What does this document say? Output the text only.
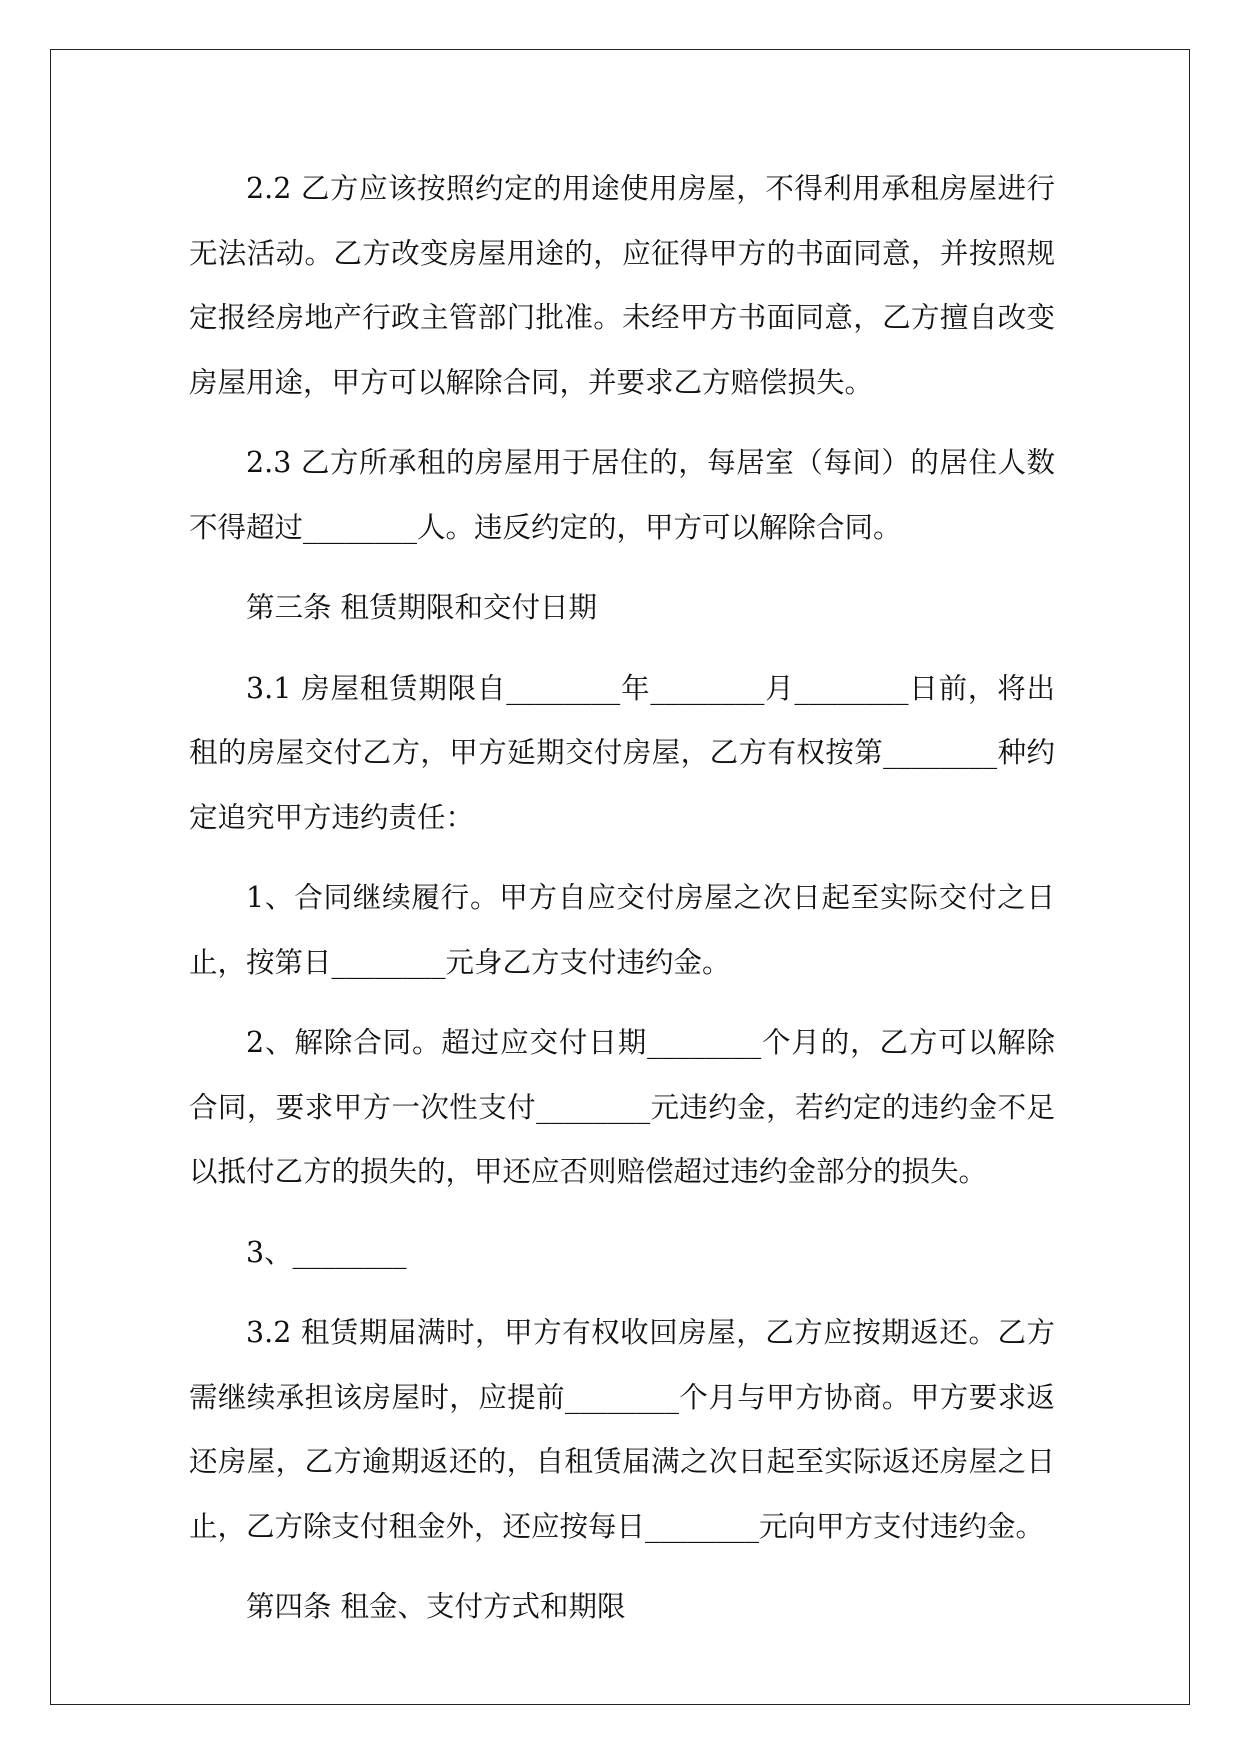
2.2 乙方应该按照约定的用途使用房屋，不得利用承租房屋进行无法活动。乙方改变房屋用途的，应征得甲方的书面同意，并按照规定报经房地产行政主管部门批准。未经甲方书面同意，乙方擅自改变房屋用途，甲方可以解除合同，并要求乙方赔偿损失。

2.3 乙方所承租的房屋用于居住的，每居室（每间）的居住人数不得超过________人。违反约定的，甲方可以解除合同。

第三条 租赁期限和交付日期

3.1 房屋租赁期限自________年________月________日前，将出租的房屋交付乙方，甲方延期交付房屋，乙方有权按第________种约定追究甲方违约责任：

1、合同继续履行。甲方自应交付房屋之次日起至实际交付之日止，按第日________元身乙方支付违约金。

2、解除合同。超过应交付日期________个月的，乙方可以解除合同，要求甲方一次性支付________元违约金，若约定的违约金不足以抵付乙方的损失的，甲还应否则赔偿超过违约金部分的损失。

3、________

3.2 租赁期届满时，甲方有权收回房屋，乙方应按期返还。乙方需继续承担该房屋时，应提前________个月与甲方协商。甲方要求返还房屋，乙方逾期返还的，自租赁届满之次日起至实际返还房屋之日止，乙方除支付租金外，还应按每日________元向甲方支付违约金。

第四条 租金、支付方式和期限
